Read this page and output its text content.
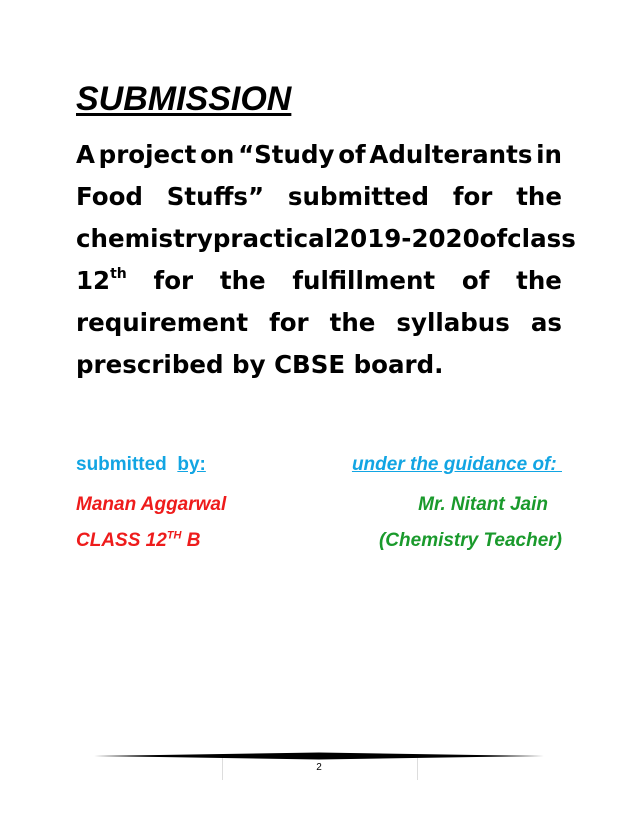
SUBMISSION
A project on “Study of Adulterants in
Food Stuffs” submitted for the
chemistry practical 2019-2020 of class
12th for the fulfillment of the
requirement for the syllabus as
prescribed by CBSE board.
submitted by:	under the guidance of:
Manan Aggarwal	Mr. Nitant Jain
CLASS 12TH B	(Chemistry Teacher)
2
